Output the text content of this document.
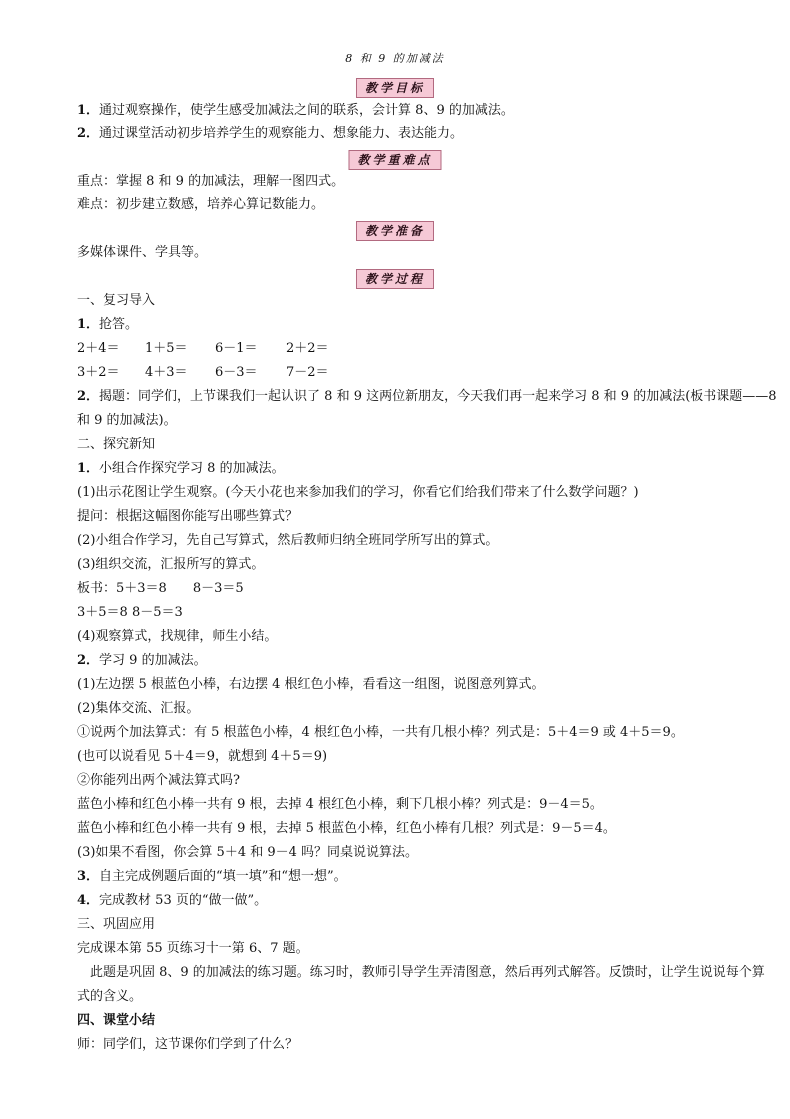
8 和 9 的加减法
教学目标
1．通过观察操作，使学生感受加减法之间的联系，会计算 8、9 的加减法。
2．通过课堂活动初步培养学生的观察能力、想象能力、表达能力。
教学重难点
重点：掌握 8 和 9 的加减法，理解一图四式。
难点：初步建立数感，培养心算记数能力。
教学准备
多媒体课件、学具等。
教学过程
一、复习导入
1．抢答。
2＋4＝ 1＋5＝ 6－1＝ 2＋2＝
3＋2＝ 4＋3＝ 6－3＝ 7－2＝
2．揭题：同学们，上节课我们一起认识了 8 和 9 这两位新朋友，今天我们再一起来学习 8 和 9 的加减法(板书课题——8 和 9 的加减法)。
二、探究新知
1．小组合作探究学习 8 的加减法。
(1)出示花图让学生观察。(今天小花也来参加我们的学习，你看它们给我们带来了什么数学问题？)
提问：根据这幅图你能写出哪些算式？
(2)小组合作学习，先自己写算式，然后教师归纳全班同学所写出的算式。
(3)组织交流，汇报所写的算式。
板书：5＋3＝8 8－3＝5
3＋5＝8 8－5＝3
(4)观察算式，找规律，师生小结。
2．学习 9 的加减法。
(1)左边摆 5 根蓝色小棒，右边摆 4 根红色小棒，看看这一组图，说图意列算式。
(2)集体交流、汇报。
①说两个加法算式：有 5 根蓝色小棒，4 根红色小棒，一共有几根小棒？列式是：5＋4＝9 或 4＋5＝9。
(也可以说看见 5＋4＝9，就想到 4＋5＝9)
②你能列出两个减法算式吗?
蓝色小棒和红色小棒一共有 9 根，去掉 4 根红色小棒，剩下几根小棒？列式是：9－4＝5。
蓝色小棒和红色小棒一共有 9 根，去掉 5 根蓝色小棒，红色小棒有几根？列式是：9－5＝4。
(3)如果不看图，你会算 5＋4 和 9－4 吗？同桌说说算法。
3．自主完成例题后面的“填一填”和“想一想”。
4．完成教材 53 页的“做一做”。
三、巩固应用
完成课本第 55 页练习十一第 6、7 题。
此题是巩固 8、9 的加减法的练习题。练习时，教师引导学生弄清图意，然后再列式解答。反馈时，让学生说说每个算式的含义。
四、课堂小结
师：同学们，这节课你们学到了什么？
